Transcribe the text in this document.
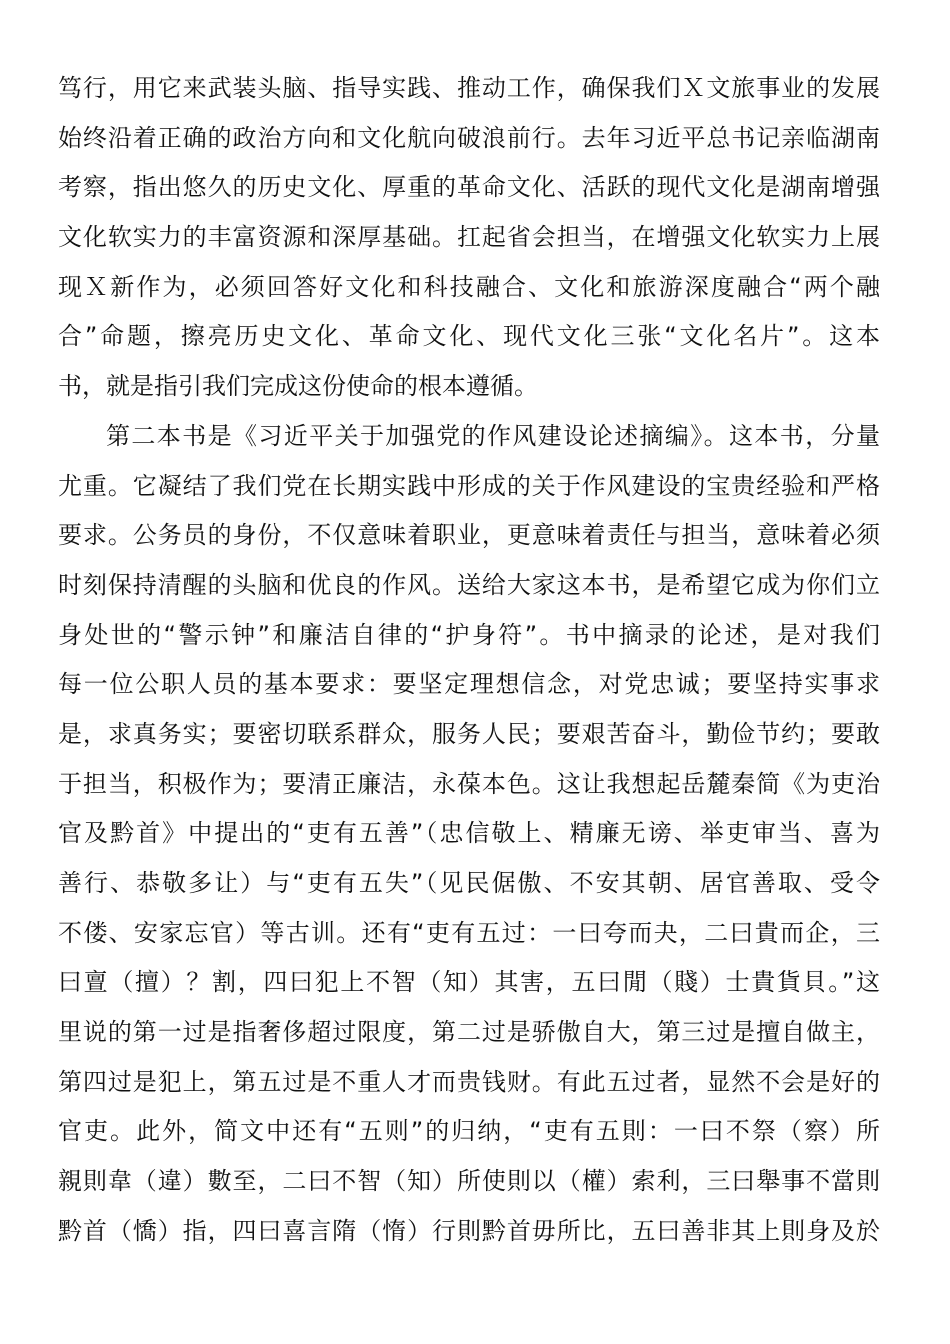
笃行，用它来武装头脑、指导实践、推动工作，确保我们Ｘ文旅事业的发展
始终沿着正确的政治方向和文化航向破浪前行。去年习近平总书记亲临湖南
考察，指出悠久的历史文化、厚重的革命文化、活跃的现代文化是湖南增强
文化软实力的丰富资源和深厚基础。扛起省会担当，在增强文化软实力上展
现Ｘ新作为，必须回答好文化和科技融合、文化和旅游深度融合“两个融
合”命题，擦亮历史文化、革命文化、现代文化三张“文化名片”。这本
书，就是指引我们完成这份使命的根本遵循。
第二本书是《习近平关于加强党的作风建设论述摘编》。这本书，分量
尤重。它凝结了我们党在长期实践中形成的关于作风建设的宝贵经验和严格
要求。公务员的身份，不仅意味着职业，更意味着责任与担当，意味着必须
时刻保持清醒的头脑和优良的作风。送给大家这本书，是希望它成为你们立
身处世的“警示钟”和廉洁自律的“护身符”。书中摘录的论述，是对我们
每一位公职人员的基本要求：要坚定理想信念，对党忠诚；要坚持实事求
是，求真务实；要密切联系群众，服务人民；要艰苦奋斗，勤俭节约；要敢
于担当，积极作为；要清正廉洁，永葆本色。这让我想起岳麓秦简《为吏治
官及黔首》中提出的“吏有五善”（忠信敬上、精廉无谤、举吏审当、喜为
善行、恭敬多让）与“吏有五失”（见民倨傲、不安其朝、居官善取、受令
不偻、安家忘官）等古训。还有“吏有五过：一曰夸而夬，二曰貴而企，三
曰亶（擅）？割，四曰犯上不智（知）其害，五曰閒（賤）士貴貨貝。”这
里说的第一过是指奢侈超过限度，第二过是骄傲自大，第三过是擅自做主，
第四过是犯上，第五过是不重人才而贵钱财。有此五过者，显然不会是好的
官吏。此外，简文中还有“五则”的归纳，“吏有五則：一曰不祭（察）所
親則韋（違）數至，二曰不智（知）所使則以（權）索利，三曰舉事不當則
黔首（憍）指，四曰喜言隋（惰）行則黔首毋所比，五曰善非其上則身及於
